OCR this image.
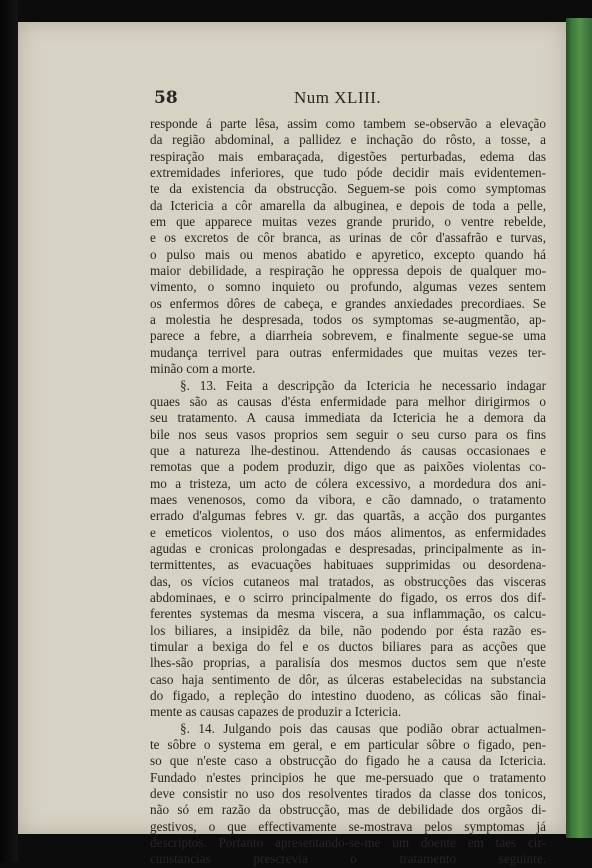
58	Num XLIII.
responde á parte lêsa, assim como tambem se-observão a elevação
da região abdominal, a pallidez e inchação do rôsto, a tosse, a
respiração mais embaraçada, digestões perturbadas, edema das
extremidades inferiores, que tudo póde decidir mais evidentemen-
te da existencia da obstrucção. Seguem-se pois como symptomas
da Ictericia a côr amarella da albuginea, e depois de toda a pelle,
em que apparece muitas vezes grande prurido, o ventre rebelde,
e os excretos de côr branca, as urinas de côr d'assafrão e turvas,
o pulso mais ou menos abatido e apyretico, excepto quando há
maior debilidade, a respiração he oppressa depois de qualquer mo-
vimento, o somno inquieto ou profundo, algumas vezes sentem
os enfermos dôres de cabeça, e grandes anxiedades precordiaes. Se
a molestia he despresada, todos os symptomas se-augmentão, ap-
parece a febre, a diarrheia sobrevem, e finalmente segue-se uma
mudança terrivel para outras enfermidades que muitas vezes ter-
minão com a morte.
§. 13. Feita a descripção da Ictericia he necessario indagar
quaes são as causas d'ésta enfermidade para melhor dirigirmos o
seu tratamento. A causa immediata da Ictericia he a demora da
bile nos seus vasos proprios sem seguir o seu curso para os fins
que a natureza lhe-destinou. Attendendo ás causas occasionaes e
remotas que a podem produzir, digo que as paixões violentas co-
mo a tristeza, um acto de cólera excessivo, a mordedura dos ani-
maes venenosos, como da vibora, e cão damnado, o tratamento
errado d'algumas febres v. gr. das quartãs, a acção dos purgantes
e emeticos violentos, o uso dos máos alimentos, as enfermidades
agudas e cronicas prolongadas e despresadas, principalmente as in-
termittentes, as evacuações habituaes supprimidas ou desordena-
das, os vícios cutaneos mal tratados, as obstrucções das visceras
abdominaes, e o scirro principalmente do figado, os erros dos dif-
ferentes systemas da mesma viscera, a sua inflammação, os calcu-
los biliares, a insipidêz da bile, não podendo por ésta razão es-
timular a bexiga do fel e os ductos biliares para as acções que
lhes-são proprias, a paralisía dos mesmos ductos sem que n'este
caso haja sentimento de dôr, as úlceras estabelecidas na substancia
do figado, a repleção do intestino duodeno, as cólicas são finai-
mente as causas capazes de produzir a Ictericia.
§. 14. Julgando pois das causas que podião obrar actualmen-
te sôbre o systema em geral, e em particular sôbre o figado, pen-
so que n'este caso a obstrucção do figado he a causa da Ictericia.
Fundado n'estes principios he que me-persuado que o tratamento
deve consistir no uso dos resolventes tirados da classe dos tonicos,
não só em razão da obstrucção, mas de debilidade dos orgãos di-
gestivos, o que effectivamente se-mostrava pelos symptomas já
descriptos. Portanto apresentando-se-me um doente em taes cir-
cunstancias prescrevia o tratamento seguinte.
